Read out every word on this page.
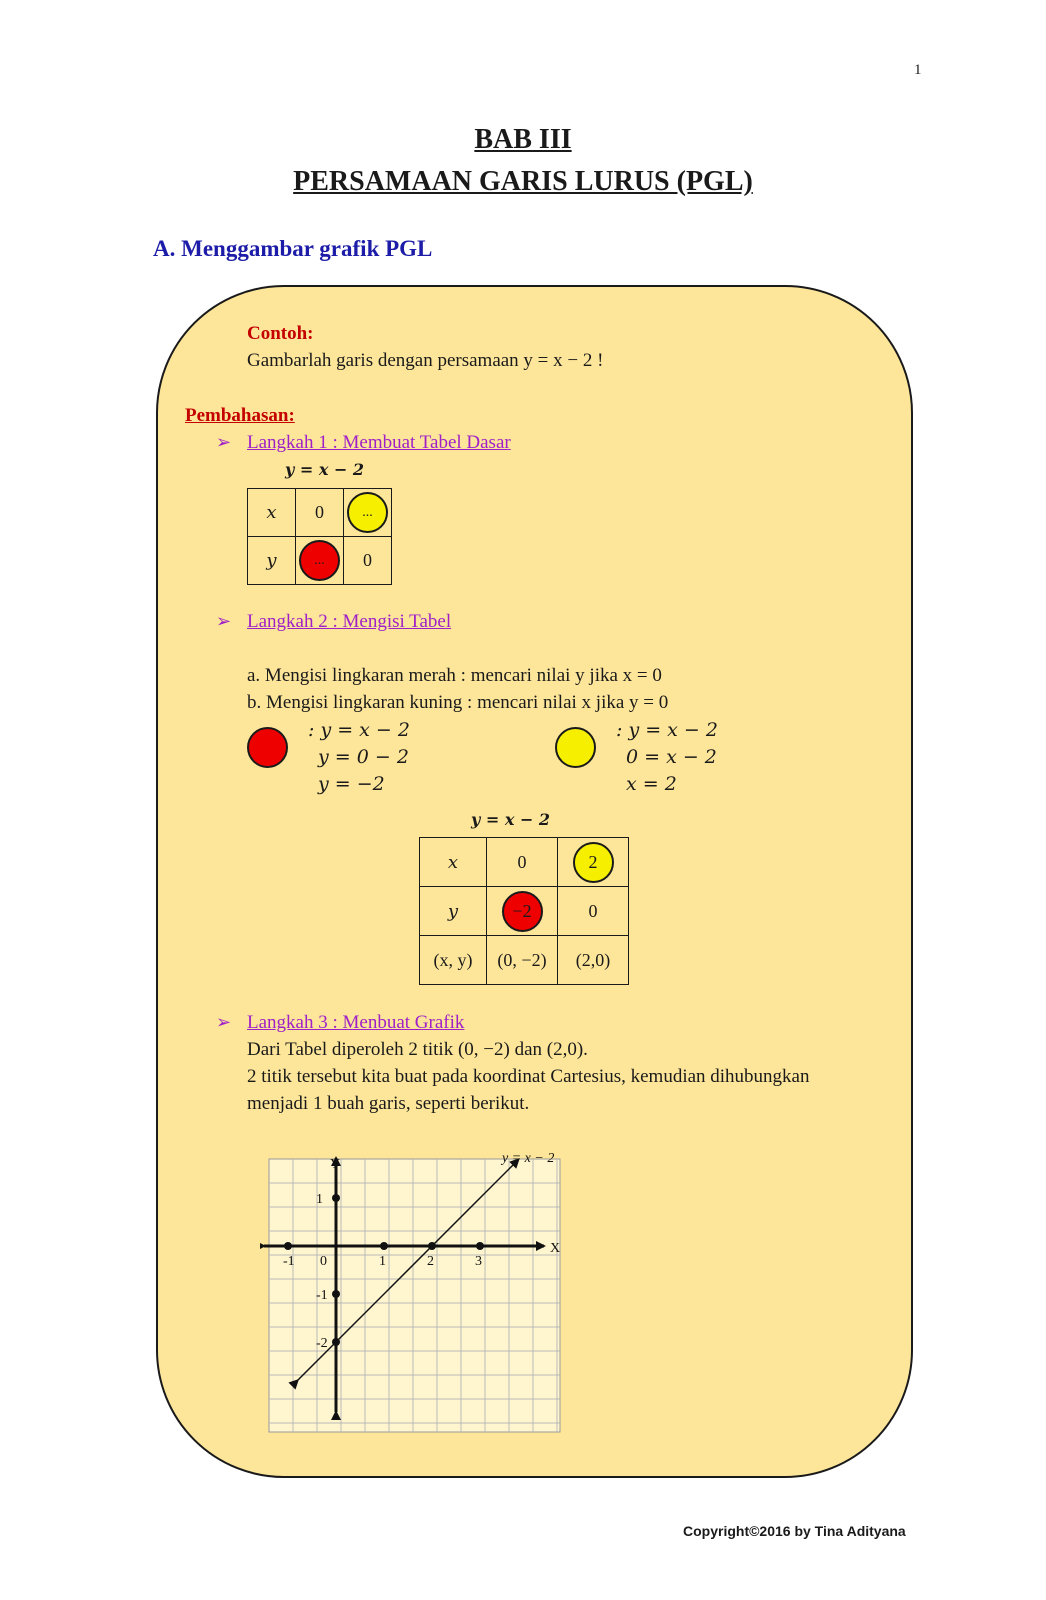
1
BAB III
PERSAMAAN GARIS LURUS (PGL)
A. Menggambar grafik PGL
Contoh:
Gambarlah garis dengan persamaan y = x − 2 !
Pembahasan:
➢ Langkah 1 : Membuat Tabel Dasar
y = x − 2
x	0	...
y	...	0
➢ Langkah 2 : Mengisi Tabel
a. Mengisi lingkaran merah : mencari nilai y jika x = 0
b. Mengisi lingkaran kuning : mencari nilai x jika y = 0
: y = x − 2
y = 0 − 2
y = −2
: y = x − 2
0 = x − 2
x = 2
y = x − 2
x	0	2
y	−2	0
(x, y)	(0, −2)	(2,0)
➢ Langkah 3 : Menbuat Grafik
Dari Tabel diperoleh 2 titik (0, −2) dan (2,0).
2 titik tersebut kita buat pada koordinat Cartesius, kemudian dihubungkan
menjadi 1 buah garis, seperti berikut.
Y
X
y = x − 2
0
-1	1	2	3
1
-1
-2
Copyright©2016 by Tina Adityana
